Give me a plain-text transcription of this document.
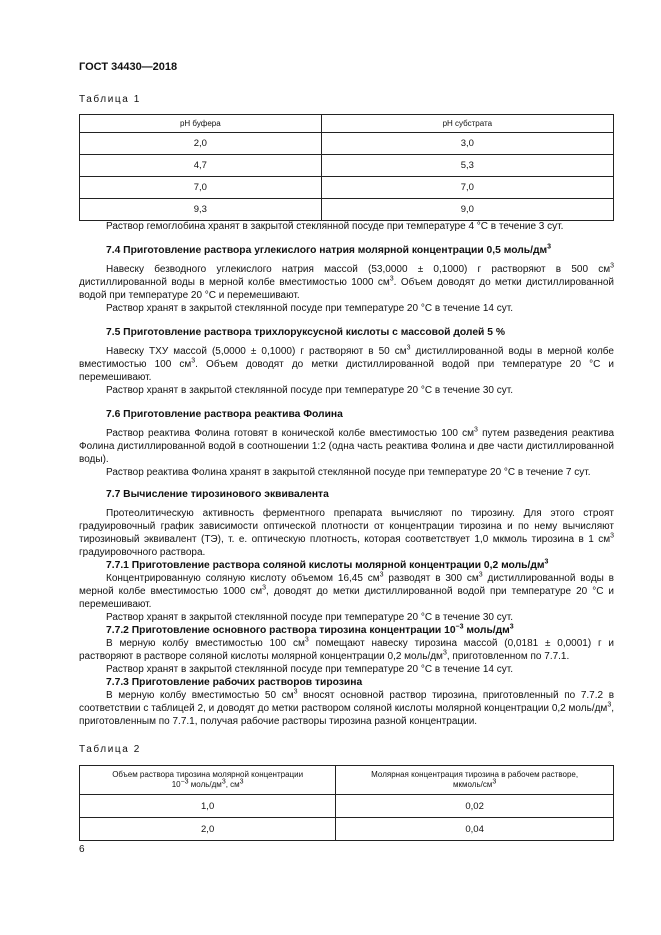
ГОСТ 34430—2018
Таблица 1
рН буфера	рН субстрата
2,0	3,0
4,7	5,3
7,0	7,0
9,3	9,0

Раствор гемоглобина хранят в закрытой стеклянной посуде при температуре 4 °С в течение 3 сут.

7.4 Приготовление раствора углекислого натрия молярной концентрации 0,5 моль/$дм^3$

Навеску безводного углекислого натрия массой (53,0000 ± 0,1000) г растворяют в 500 $см^3$ дистиллированной воды в мерной колбе вместимостью 1000 $см^3$. Объем доводят до метки дистиллированной водой при температуре 20 °С и перемешивают.

Раствор хранят в закрытой стеклянной посуде при температуре 20 °С в течение 14 сут.

7.5 Приготовление раствора трихлоруксусной кислоты с массовой долей 5 %

Навеску ТХУ массой (5,0000 ± 0,1000) г растворяют в 50 $см^3$ дистиллированной воды в мерной колбе вместимостью 100 $см^3$. Объем доводят до метки дистиллированной водой при температуре 20 °С и перемешивают.

Раствор хранят в закрытой стеклянной посуде при температуре 20 °С в течение 30 сут.

7.6 Приготовление раствора реактива Фолина

Раствор реактива Фолина готовят в конической колбе вместимостью 100 $см^3$ путем разведения реактива Фолина дистиллированной водой в соотношении 1:2 (одна часть реактива Фолина и две части дистиллированной воды).

Раствор реактива Фолина хранят в закрытой стеклянной посуде при температуре 20 °С в течение 7 сут.

7.7 Вычисление тирозинового эквивалента

Протеолитическую активность ферментного препарата вычисляют по тирозину. Для этого строят градуировочный график зависимости оптической плотности от концентрации тирозина и по нему вычисляют тирозиновый эквивалент (ТЭ), т. е. оптическую плотность, которая соответствует 1,0 мкмоль тирозина в 1 $см^3$ градуировочного раствора.

7.7.1 Приготовление раствора соляной кислоты молярной концентрации 0,2 моль/$дм^3$

Концентрированную соляную кислоту объемом 16,45 $см^3$ разводят в 300 $см^3$ дистиллированной воды в мерной колбе вместимостью 1000 $см^3$, доводят до метки дистиллированной водой при температуре 20 °С и перемешивают.

Раствор хранят в закрытой стеклянной посуде при температуре 20 °С в течение 30 сут.

7.7.2 Приготовление основного раствора тирозина концентрации $10^{-3}$ моль/$дм^3$

В мерную колбу вместимостью 100 $см^3$ помещают навеску тирозина массой (0,0181 ± 0,0001) г и растворяют в растворе соляной кислоты молярной концентрации 0,2 моль/$дм^3$, приготовленном по 7.7.1.

Раствор хранят в закрытой стеклянной посуде при температуре 20 °С в течение 14 сут.

7.7.3 Приготовление рабочих растворов тирозина

В мерную колбу вместимостью 50 $см^3$ вносят основной раствор тирозина, приготовленный по 7.7.2 в соответствии с таблицей 2, и доводят до метки раствором соляной кислоты молярной концентрации 0,2 моль/$дм^3$, приготовленным по 7.7.1, получая рабочие растворы тирозина разной концентрации.

Таблица 2
Объем раствора тирозина молярной концентрации
$10^{-3}$ моль/$дм^3$, $см^3$	Молярная концентрация тирозина в рабочем растворе,
мкмоль/$см^3$
1,0	0,02
2,0	0,04
6
